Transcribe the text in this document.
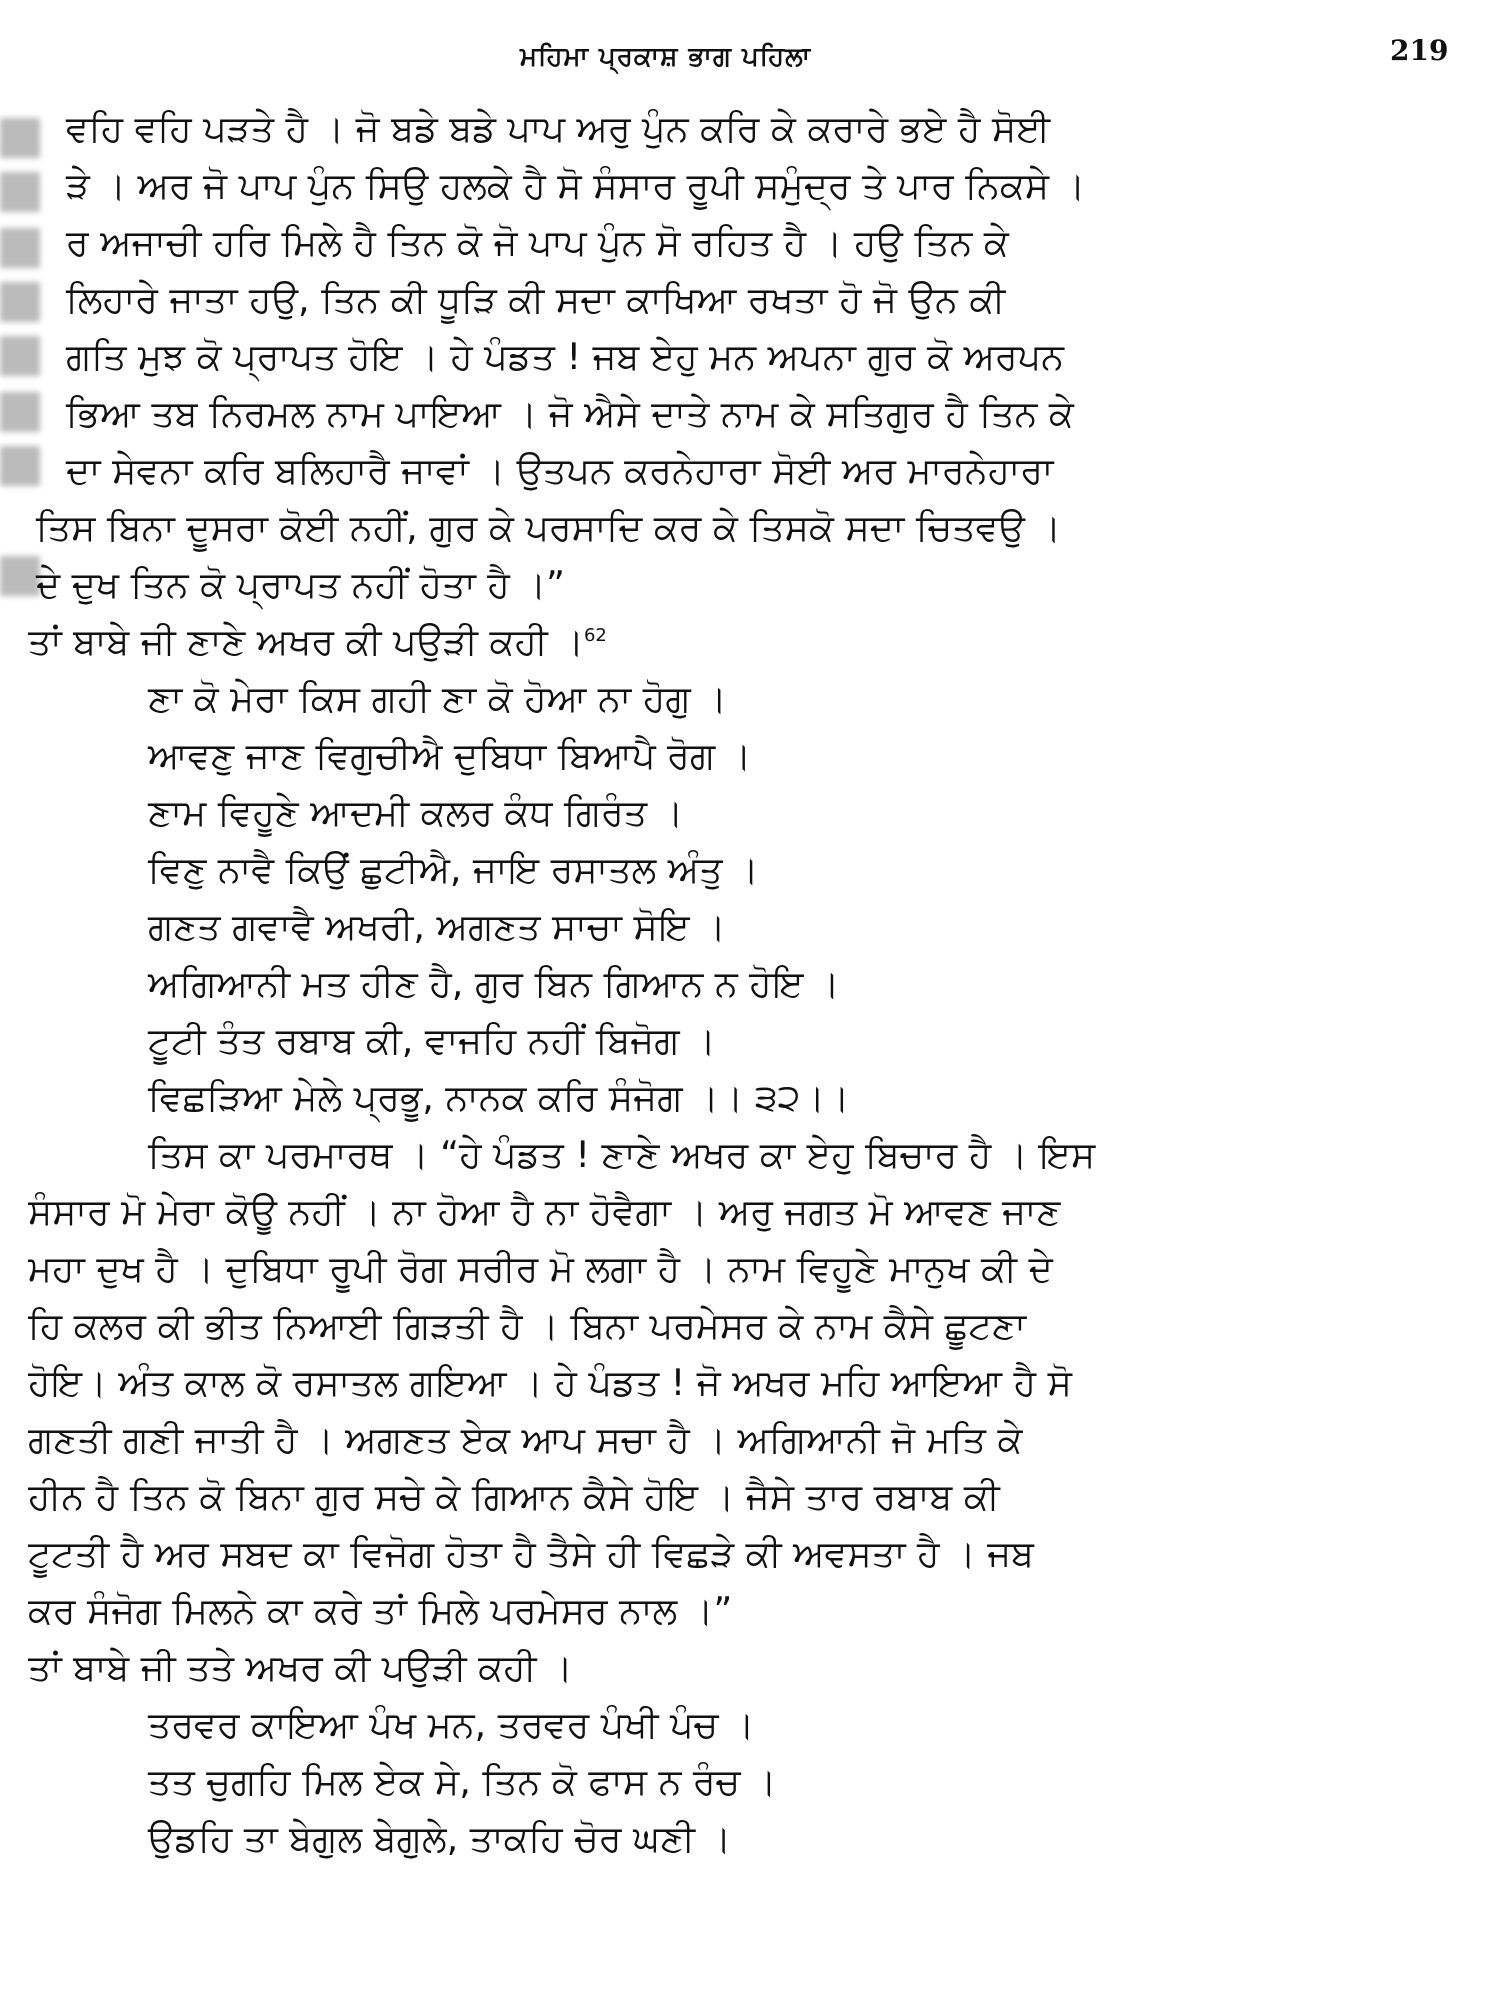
ਮਹਿਮਾ ਪ੍ਰਕਾਸ਼ ਭਾਗ ਪਹਿਲਾ	219
ਵਹਿ ਵਹਿ ਪੜਤੇ ਹੈ । ਜੋ ਬਡੇ ਬਡੇ ਪਾਪ ਅਰੁ ਪੁੰਨ ਕਰਿ ਕੇ ਕਰਾਰੇ ਭਏ ਹੈ ਸੋਈ
ੜੇ । ਅਰ ਜੋ ਪਾਪ ਪੁੰਨ ਸਿਉ ਹਲਕੇ ਹੈ ਸੋ ਸੰਸਾਰ ਰੂਪੀ ਸਮੁੰਦ੍ਰ ਤੇ ਪਾਰ ਨਿਕਸੇ ।
ਰ ਅਜਾਚੀ ਹਰਿ ਮਿਲੇ ਹੈ ਤਿਨ ਕੋ ਜੋ ਪਾਪ ਪੁੰਨ ਸੋ ਰਹਿਤ ਹੈ । ਹਉ ਤਿਨ ਕੇ
ਲਿਹਾਰੇ ਜਾਤਾ ਹਉ, ਤਿਨ ਕੀ ਧੂੜਿ ਕੀ ਸਦਾ ਕਾਖਿਆ ਰਖਤਾ ਹੋ ਜੋ ਉਨ ਕੀ
ਗਤਿ ਮੁਝ ਕੋ ਪ੍ਰਾਪਤ ਹੋਇ । ਹੇ ਪੰਡਤ ! ਜਬ ਏਹੁ ਮਨ ਅਪਨਾ ਗੁਰ ਕੋ ਅਰਪਨ
ਭਿਆ ਤਬ ਨਿਰਮਲ ਨਾਮ ਪਾਇਆ । ਜੋ ਐਸੇ ਦਾਤੇ ਨਾਮ ਕੇ ਸਤਿਗੁਰ ਹੈ ਤਿਨ ਕੇ
ਦਾ ਸੇਵਨਾ ਕਰਿ ਬਲਿਹਾਰੈ ਜਾਵਾਂ । ਉਤਪਨ ਕਰਨੇਹਾਰਾ ਸੋਈ ਅਰ ਮਾਰਨੇਹਾਰਾ
ਤਿਸ ਬਿਨਾ ਦੂਸਰਾ ਕੋਈ ਨਹੀਂ, ਗੁਰ ਕੇ ਪਰਸਾਦਿ ਕਰ ਕੇ ਤਿਸਕੋ ਸਦਾ ਚਿਤਵਉ ।
ਦੇ ਦੁਖ ਤਿਨ ਕੋ ਪ੍ਰਾਪਤ ਨਹੀਂ ਹੋਤਾ ਹੈ ।”
ਤਾਂ ਬਾਬੇ ਜੀ ਣਾਣੇ ਅਖਰ ਕੀ ਪਉੜੀ ਕਹੀ ।$^{62}$
ਣਾ ਕੋ ਮੇਰਾ ਕਿਸ ਗਹੀ ਣਾ ਕੋ ਹੋਆ ਨਾ ਹੋਗੁ ।
ਆਵਣੁ ਜਾਣ ਵਿਗੁਚੀਐ ਦੁਬਿਧਾ ਬਿਆਪੈ ਰੋਗ ।
ਣਾਮ ਵਿਹੂਣੇ ਆਦਮੀ ਕਲਰ ਕੰਧ ਗਿਰੰਤ ।
ਵਿਣੁ ਨਾਵੈ ਕਿਉਂ ਛੁਟੀਐ, ਜਾਇ ਰਸਾਤਲ ਅੰਤੁ ।
ਗਣਤ ਗਵਾਵੈ ਅਖਰੀ, ਅਗਣਤ ਸਾਚਾ ਸੋਇ ।
ਅਗਿਆਨੀ ਮਤ ਹੀਣ ਹੈ, ਗੁਰ ਬਿਨ ਗਿਆਨ ਨ ਹੋਇ ।
ਟੂਟੀ ਤੰਤ ਰਬਾਬ ਕੀ, ਵਾਜਹਿ ਨਹੀਂ ਬਿਜੋਗ ।
ਵਿਛੜਿਆ ਮੇਲੇ ਪ੍ਰਭੂ, ਨਾਨਕ ਕਰਿ ਸੰਜੋਗ ।। ੩੨।।
ਤਿਸ ਕਾ ਪਰਮਾਰਥ । “ਹੇ ਪੰਡਤ ! ਣਾਣੇ ਅਖਰ ਕਾ ਏਹੁ ਬਿਚਾਰ ਹੈ । ਇਸ
ਸੰਸਾਰ ਮੋ ਮੇਰਾ ਕੋਊ ਨਹੀਂ । ਨਾ ਹੋਆ ਹੈ ਨਾ ਹੋਵੈਗਾ । ਅਰੁ ਜਗਤ ਮੋ ਆਵਣ ਜਾਣ
ਮਹਾ ਦੁਖ ਹੈ । ਦੁਬਿਧਾ ਰੂਪੀ ਰੋਗ ਸਰੀਰ ਮੋ ਲਗਾ ਹੈ । ਨਾਮ ਵਿਹੂਣੇ ਮਾਨੁਖ ਕੀ ਦੇ
ਹਿ ਕਲਰ ਕੀ ਭੀਤ ਨਿਆਈ ਗਿੜਤੀ ਹੈ । ਬਿਨਾ ਪਰਮੇਸਰ ਕੇ ਨਾਮ ਕੈਸੇ ਛੂਟਣਾ
ਹੋਇ। ਅੰਤ ਕਾਲ ਕੋ ਰਸਾਤਲ ਗਇਆ । ਹੇ ਪੰਡਤ ! ਜੋ ਅਖਰ ਮਹਿ ਆਇਆ ਹੈ ਸੋ
ਗਣਤੀ ਗਣੀ ਜਾਤੀ ਹੈ । ਅਗਣਤ ਏਕ ਆਪ ਸਚਾ ਹੈ । ਅਗਿਆਨੀ ਜੋ ਮਤਿ ਕੇ
ਹੀਨ ਹੈ ਤਿਨ ਕੋ ਬਿਨਾ ਗੁਰ ਸਚੇ ਕੇ ਗਿਆਨ ਕੈਸੇ ਹੋਇ । ਜੈਸੇ ਤਾਰ ਰਬਾਬ ਕੀ
ਟੂਟਤੀ ਹੈ ਅਰ ਸਬਦ ਕਾ ਵਿਜੋਗ ਹੋਤਾ ਹੈ ਤੈਸੇ ਹੀ ਵਿਛੜੇ ਕੀ ਅਵਸਤਾ ਹੈ । ਜਬ
ਕਰ ਸੰਜੋਗ ਮਿਲਨੇ ਕਾ ਕਰੇ ਤਾਂ ਮਿਲੇ ਪਰਮੇਸਰ ਨਾਲ ।”
ਤਾਂ ਬਾਬੇ ਜੀ ਤਤੇ ਅਖਰ ਕੀ ਪਉੜੀ ਕਹੀ ।
ਤਰਵਰ ਕਾਇਆ ਪੰਖ ਮਨ, ਤਰਵਰ ਪੰਖੀ ਪੰਚ ।
ਤਤ ਚੁਗਹਿ ਮਿਲ ਏਕ ਸੇ, ਤਿਨ ਕੋ ਫਾਸ ਨ ਰੰਚ ।
ਉਡਹਿ ਤਾ ਬੇਗੁਲ ਬੇਗੁਲੇ, ਤਾਕਹਿ ਚੋਰ ਘਣੀ ।
